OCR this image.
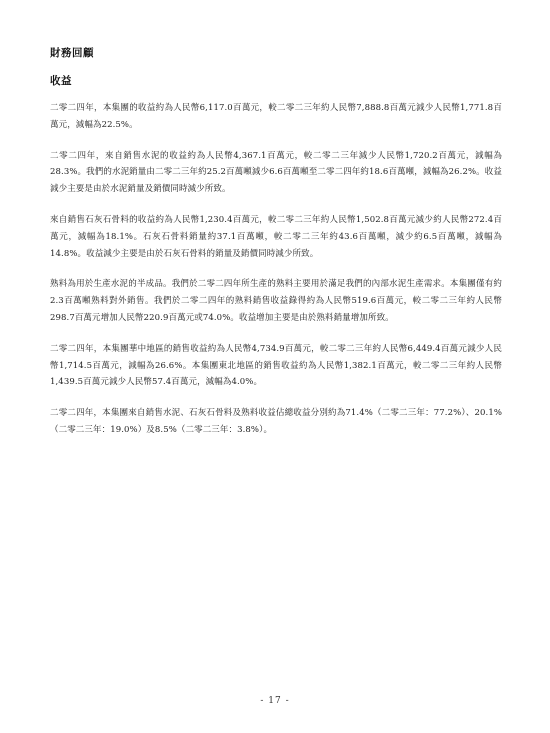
財務回顧
收益

二零二四年，本集團的收益約為人民幣6,117.0百萬元，較二零二三年約人民幣7,888.8百萬元減少人民幣1,771.8百萬元，減幅為22.5%。

二零二四年，來自銷售水泥的收益約為人民幣4,367.1百萬元，較二零二三年減少人民幣1,720.2百萬元，減幅為28.3%。我們的水泥銷量由二零二三年約25.2百萬噸減少6.6百萬噸至二零二四年約18.6百萬噸，減幅為26.2%。收益減少主要是由於水泥銷量及銷價同時減少所致。

來自銷售石灰石骨料的收益約為人民幣1,230.4百萬元，較二零二三年約人民幣1,502.8百萬元減少約人民幣272.4百萬元，減幅為18.1%。石灰石骨料銷量約37.1百萬噸，較二零二三年約43.6百萬噸，減少約6.5百萬噸，減幅為14.8%。收益減少主要是由於石灰石骨料的銷量及銷價同時減少所致。

熟料為用於生產水泥的半成品。我們於二零二四年所生產的熟料主要用於滿足我們的內部水泥生產需求。本集團僅有約2.3百萬噸熟料對外銷售。我們於二零二四年的熟料銷售收益錄得約為人民幣519.6百萬元，較二零二三年約人民幣298.7百萬元增加人民幣220.9百萬元或74.0%。收益增加主要是由於熟料銷量增加所致。

二零二四年，本集團華中地區的銷售收益約為人民幣4,734.9百萬元，較二零二三年約人民幣6,449.4百萬元減少人民幣1,714.5百萬元，減幅為26.6%。本集團東北地區的銷售收益約為人民幣1,382.1百萬元，較二零二三年約人民幣1,439.5百萬元減少人民幣57.4百萬元，減幅為4.0%。

二零二四年，本集團來自銷售水泥、石灰石骨料及熟料收益佔總收益分別約為71.4%（二零二三年：77.2%）、20.1%（二零二三年：19.0%）及8.5%（二零二三年：3.8%）。

- 17 -
